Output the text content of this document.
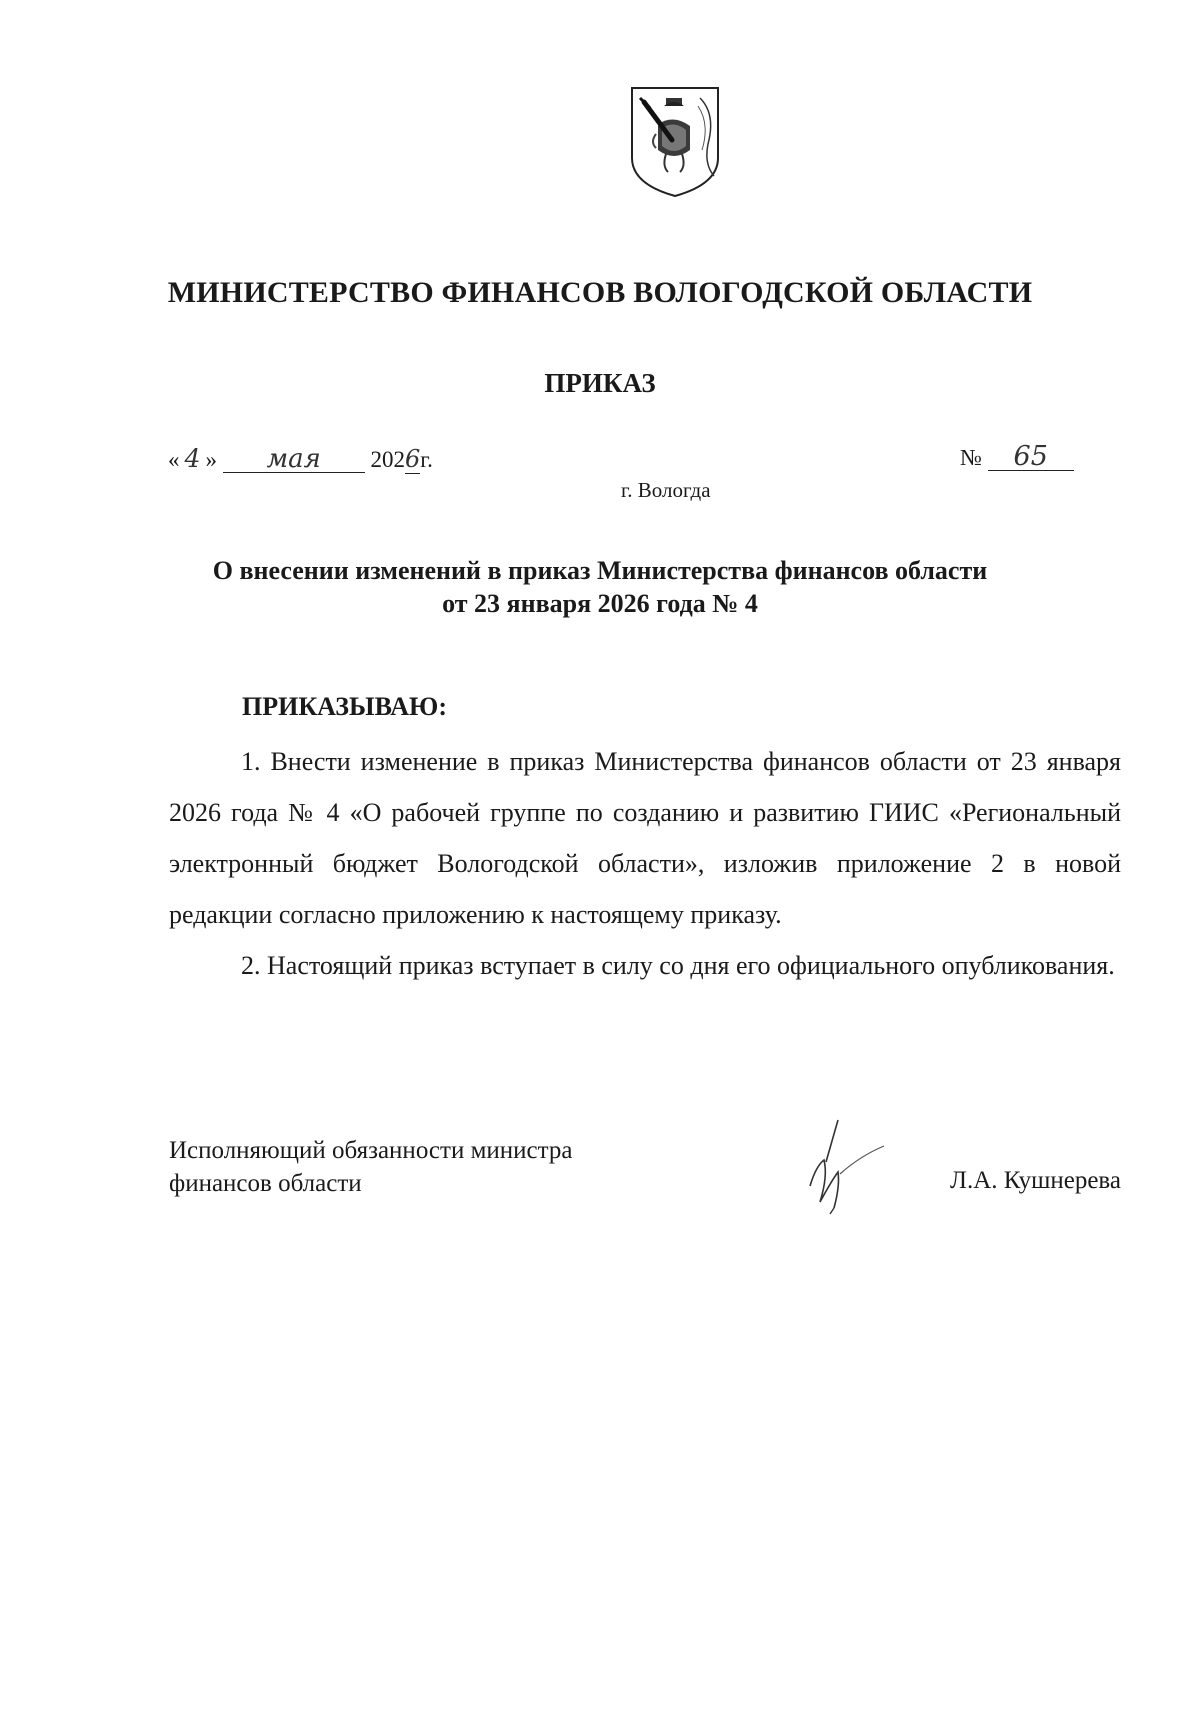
МИНИСТЕРСТВО ФИНАНСОВ ВОЛОГОДСКОЙ ОБЛАСТИ
ПРИКАЗ
« 4 » мая 2026г.	№ 65
г. Вологда
О внесении изменений в приказ Министерства финансов области
от 23 января 2026 года № 4
ПРИКАЗЫВАЮ:

1. Внести изменение в приказ Министерства финансов области от 23 января 2026 года № 4 «О рабочей группе по созданию и развитию ГИИС «Региональный электронный бюджет Вологодской области», изложив приложение 2 в новой редакции согласно приложению к настоящему приказу.

2. Настоящий приказ вступает в силу со дня его официального опубликования.

Исполняющий обязанности министра
финансов области	Л.А. Кушнерева
